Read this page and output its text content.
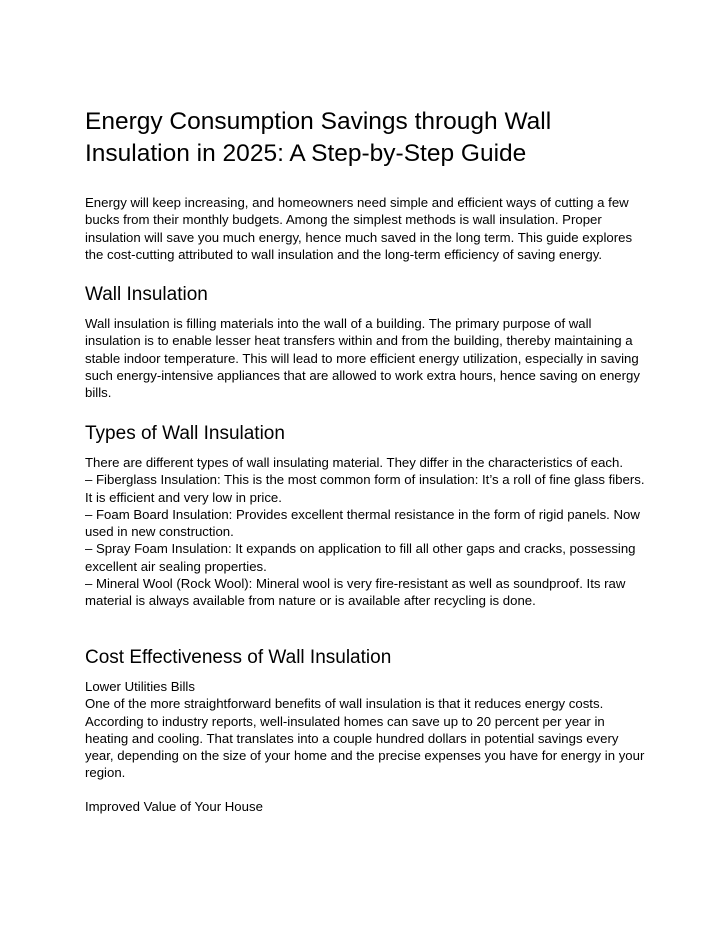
Energy Consumption Savings through Wall
Insulation in 2025: A Step-by-Step Guide

Energy will keep increasing, and homeowners need simple and efficient ways of cutting a few
bucks from their monthly budgets. Among the simplest methods is wall insulation. Proper
insulation will save you much energy, hence much saved in the long term. This guide explores
the cost-cutting attributed to wall insulation and the long-term efficiency of saving energy.

Wall Insulation

Wall insulation is filling materials into the wall of a building. The primary purpose of wall
insulation is to enable lesser heat transfers within and from the building, thereby maintaining a
stable indoor temperature. This will lead to more efficient energy utilization, especially in saving
such energy-intensive appliances that are allowed to work extra hours, hence saving on energy
bills.

Types of Wall Insulation

There are different types of wall insulating material. They differ in the characteristics of each.
– Fiberglass Insulation: This is the most common form of insulation: It’s a roll of fine glass fibers.
It is efficient and very low in price.
– Foam Board Insulation: Provides excellent thermal resistance in the form of rigid panels. Now
used in new construction.
– Spray Foam Insulation: It expands on application to fill all other gaps and cracks, possessing
excellent air sealing properties.
– Mineral Wool (Rock Wool): Mineral wool is very fire-resistant as well as soundproof. Its raw
material is always available from nature or is available after recycling is done.

Cost Effectiveness of Wall Insulation

Lower Utilities Bills
One of the more straightforward benefits of wall insulation is that it reduces energy costs.
According to industry reports, well-insulated homes can save up to 20 percent per year in
heating and cooling. That translates into a couple hundred dollars in potential savings every
year, depending on the size of your home and the precise expenses you have for energy in your
region.

Improved Value of Your House
